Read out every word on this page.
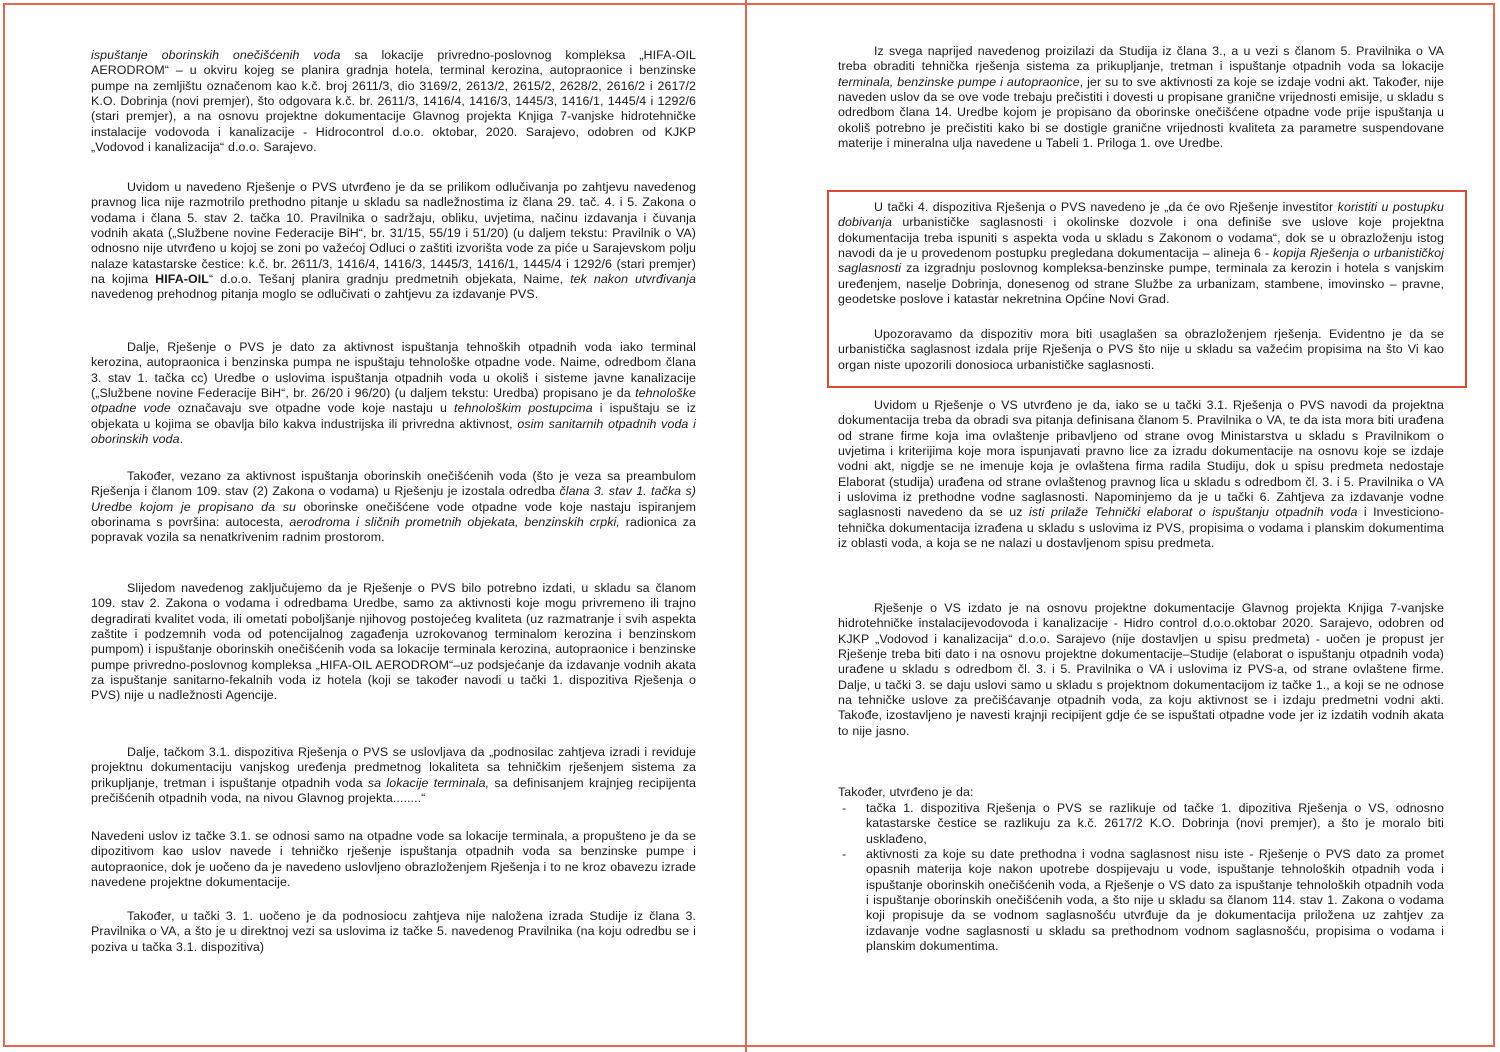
ispuštanje oborinskih onečišćenih voda sa lokacije privredno-poslovnog kompleksa „HIFA-OIL AERODROM“ – u okviru kojeg se planira gradnja hotela, terminal kerozina, autopraonice i benzinske pumpe na zemljištu označenom kao k.č. broj 2611/3, dio 3169/2, 2613/2, 2615/2, 2628/2, 2616/2 i 2617/2 K.O. Dobrinja (novi premjer), što odgovara k.č. br. 2611/3, 1416/4, 1416/3, 1445/3, 1416/1, 1445/4 i 1292/6 (stari premjer), a na osnovu projektne dokumentacije Glavnog projekta Knjiga 7-vanjske hidrotehničke instalacije vodovoda i kanalizacije - Hidrocontrol d.o.o. oktobar, 2020. Sarajevo, odobren od KJKP „Vodovod i kanalizacija“ d.o.o. Sarajevo.

Uvidom u navedeno Rješenje o PVS utvrđeno je da se prilikom odlučivanja po zahtjevu navedenog pravnog lica nije razmotrilo prethodno pitanje u skladu sa nadležnostima iz člana 29. tač. 4. i 5. Zakona o vodama i člana 5. stav 2. tačka 10. Pravilnika o sadržaju, obliku, uvjetima, načinu izdavanja i čuvanja vodnih akata („Službene novine Federacije BiH“, br. 31/15, 55/19 i 51/20) (u daljem tekstu: Pravilnik o VA) odnosno nije utvrđeno u kojoj se zoni po važećoj Odluci o zaštiti izvorišta vode za piće u Sarajevskom polju nalaze katastarske čestice: k.č. br. 2611/3, 1416/4, 1416/3, 1445/3, 1416/1, 1445/4 i 1292/6 (stari premjer) na kojima HIFA-OIL“ d.o.o. Tešanj planira gradnju predmetnih objekata, Naime, tek nakon utvrđivanja navedenog prehodnog pitanja moglo se odlučivati o zahtjevu za izdavanje PVS.

Dalje, Rješenje o PVS je dato za aktivnost ispuštanja tehnoških otpadnih voda iako terminal kerozina, autopraonica i benzinska pumpa ne ispuštaju tehnološke otpadne vode. Naime, odredbom člana 3. stav 1. tačka cc) Uredbe o uslovima ispuštanja otpadnih voda u okoliš i sisteme javne kanalizacije („Službene novine Federacije BiH“, br. 26/20 i 96/20) (u daljem tekstu: Uredba) propisano je da tehnološke otpadne vode označavaju sve otpadne vode koje nastaju u tehnološkim postupcima i ispuštaju se iz objekata u kojima se obavlja bilo kakva industrijska ili privredna aktivnost, osim sanitarnih otpadnih voda i oborinskih voda.

Također, vezano za aktivnost ispuštanja oborinskih onečišćenih voda (što je veza sa preambulom Rješenja i članom 109. stav (2) Zakona o vodama) u Rješenju je izostala odredba člana 3. stav 1. tačka s) Uredbe kojom je propisano da su oborinske onečišćene vode otpadne vode koje nastaju ispiranjem oborinama s površina: autocesta, aerodroma i sličnih prometnih objekata, benzinskih crpki, radionica za popravak vozila sa nenatkrivenim radnim prostorom.

Slijedom navedenog zaključujemo da je Rješenje o PVS bilo potrebno izdati, u skladu sa članom 109. stav 2. Zakona o vodama i odredbama Uredbe, samo za aktivnosti koje mogu privremeno ili trajno degradirati kvalitet voda, ili ometati poboljšanje njihovog postojećeg kvaliteta (uz razmatranje i svih aspekta zaštite i podzemnih voda od potencijalnog zagađenja uzrokovanog terminalom kerozina i benzinskom pumpom) i ispuštanje oborinskih onečišćenih voda sa lokacije terminala kerozina, autopraonice i benzinske pumpe privredno-poslovnog kompleksa „HIFA-OIL AERODROM“–uz podsjećanje da izdavanje vodnih akata za ispuštanje sanitarno-fekalnih voda iz hotela (koji se također navodi u tački 1. dispozitiva Rješenja o PVS) nije u nadležnosti Agencije.

Dalje, tačkom 3.1. dispozitiva Rješenja o PVS se uslovljava da „podnosilac zahtjeva izradi i reviduje projektnu dokumentaciju vanjskog uređenja predmetnog lokaliteta sa tehničkim rješenjem sistema za prikupljanje, tretman i ispuštanje otpadnih voda sa lokacije terminala, sa definisanjem krajnjeg recipijenta prečišćenih otpadnih voda, na nivou Glavnog projekta........“

Navedeni uslov iz tačke 3.1. se odnosi samo na otpadne vode sa lokacije terminala, a propušteno je da se dipozitivom kao uslov navede i tehničko rješenje ispuštanja otpadnih voda sa benzinske pumpe i autopraonice, dok je uočeno da je navedeno uslovljeno obrazloženjem Rješenja i to ne kroz obavezu izrade navedene projektne dokumentacije.

Također, u tački 3. 1. uočeno je da podnosiocu zahtjeva nije naložena izrada Studije iz člana 3. Pravilnika o VA, a što je u direktnoj vezi sa uslovima iz tačke 5. navedenog Pravilnika (na koju odredbu se i poziva u tačka 3.1. dispozitiva)

Iz svega naprijed navedenog proizilazi da Studija iz člana 3., a u vezi s članom 5. Pravilnika o VA treba obraditi tehnička rješenja sistema za prikupljanje, tretman i ispuštanje otpadnih voda sa lokacije terminala, benzinske pumpe i autopraonice, jer su to sve aktivnosti za koje se izdaje vodni akt. Također, nije naveden uslov da se ove vode trebaju prečistiti i dovesti u propisane granične vrijednosti emisije, u skladu s odredbom člana 14. Uredbe kojom je propisano da oborinske onečišćene otpadne vode prije ispuštanja u okoliš potrebno je prečistiti kako bi se dostigle granične vrijednosti kvaliteta za parametre suspendovane materije i mineralna ulja navedene u Tabeli 1. Priloga 1. ove Uredbe.

U tački 4. dispozitiva Rješenja o PVS navedeno je „da će ovo Rješenje investitor koristiti u postupku dobivanja urbanističke saglasnosti i okolinske dozvole i ona definiše sve uslove koje projektna dokumentacija treba ispuniti s aspekta voda u skladu s Zakonom o vodama“, dok se u obrazloženju istog navodi da je u provedenom postupku pregledana dokumentacija – alineja 6 - kopija Rješenja o urbanističkoj saglasnosti za izgradnju poslovnog kompleksa-benzinske pumpe, terminala za kerozin i hotela s vanjskim uređenjem, naselje Dobrinja, donesenog od strane Službe za urbanizam, stambene, imovinsko – pravne, geodetske poslove i katastar nekretnina Općine Novi Grad.

Upozoravamo da dispozitiv mora biti usaglašen sa obrazloženjem rješenja. Evidentno je da se urbanistička saglasnost izdala prije Rješenja o PVS što nije u skladu sa važećim propisima na što Vi kao organ niste upozorili donosioca urbanističke saglasnosti.

Uvidom u Rješenje o VS utvrđeno je da, iako se u tački 3.1. Rješenja o PVS navodi da projektna dokumentacija treba da obradi sva pitanja definisana članom 5. Pravilnika o VA, te da ista mora biti urađena od strane firme koja ima ovlaštenje pribavljeno od strane ovog Ministarstva u skladu s Pravilnikom o uvjetima i kriterijima koje mora ispunjavati pravno lice za izradu dokumentacije na osnovu koje se izdaje vodni akt, nigdje se ne imenuje koja je ovlaštena firma radila Studiju, dok u spisu predmeta nedostaje Elaborat (studija) urađena od strane ovlaštenog pravnog lica u skladu s odredbom čl. 3. i 5. Pravilnika o VA i uslovima iz prethodne vodne saglasnosti. Napominjemo da je u tački 6. Zahtjeva za izdavanje vodne saglasnosti navedeno da se uz isti prilaže Tehnički elaborat o ispuštanju otpadnih voda i Investiciono-tehnička dokumentacija izrađena u skladu s uslovima iz PVS, propisima o vodama i planskim dokumentima iz oblasti voda, a koja se ne nalazi u dostavljenom spisu predmeta.

Rješenje o VS izdato je na osnovu projektne dokumentacije Glavnog projekta Knjiga 7-vanjske hidrotehničke instalacijevodovoda i kanalizacije - Hidro control d.o.o.oktobar 2020. Sarajevo, odobren od KJKP „Vodovod i kanalizacija“ d.o.o. Sarajevo (nije dostavljen u spisu predmeta) - uočen je propust jer Rješenje treba biti dato i na osnovu projektne dokumentacije–Studije (elaborat o ispuštanju otpadnih voda) urađene u skladu s odredbom čl. 3. i 5. Pravilnika o VA i uslovima iz PVS-a, od strane ovlaštene firme. Dalje, u tački 3. se daju uslovi samo u skladu s projektnom dokumentacijom iz tačke 1., a koji se ne odnose na tehničke uslove za prečišćavanje otpadnih voda, za koju aktivnost se i izdaju predmetni vodni akti. Takođe, izostavljeno je navesti krajnji recipijent gdje će se ispuštati otpadne vode jer iz izdatih vodnih akata to nije jasno.

Također, utvrđeno je da:

- tačka 1. dispozitiva Rješenja o PVS se razlikuje od tačke 1. dipozitiva Rješenja o VS, odnosno katastarske čestice se razlikuju za k.č. 2617/2 K.O. Dobrinja (novi premjer), a što je moralo biti usklađeno,
- aktivnosti za koje su date prethodna i vodna saglasnost nisu iste - Rješenje o PVS dato za promet opasnih materija koje nakon upotrebe dospijevaju u vode, ispuštanje tehnoloških otpadnih voda i ispuštanje oborinskih onečišćenih voda, a Rješenje o VS dato za ispuštanje tehnoloških otpadnih voda i ispuštanje oborinskih onečišćenih voda, a što nije u skladu sa članom 114. stav 1. Zakona o vodama koji propisuje da se vodnom saglasnošću utvrđuje da je dokumentacija priložena uz zahtjev za izdavanje vodne saglasnosti u skladu sa prethodnom vodnom saglasnošću, propisima o vodama i planskim dokumentima.
